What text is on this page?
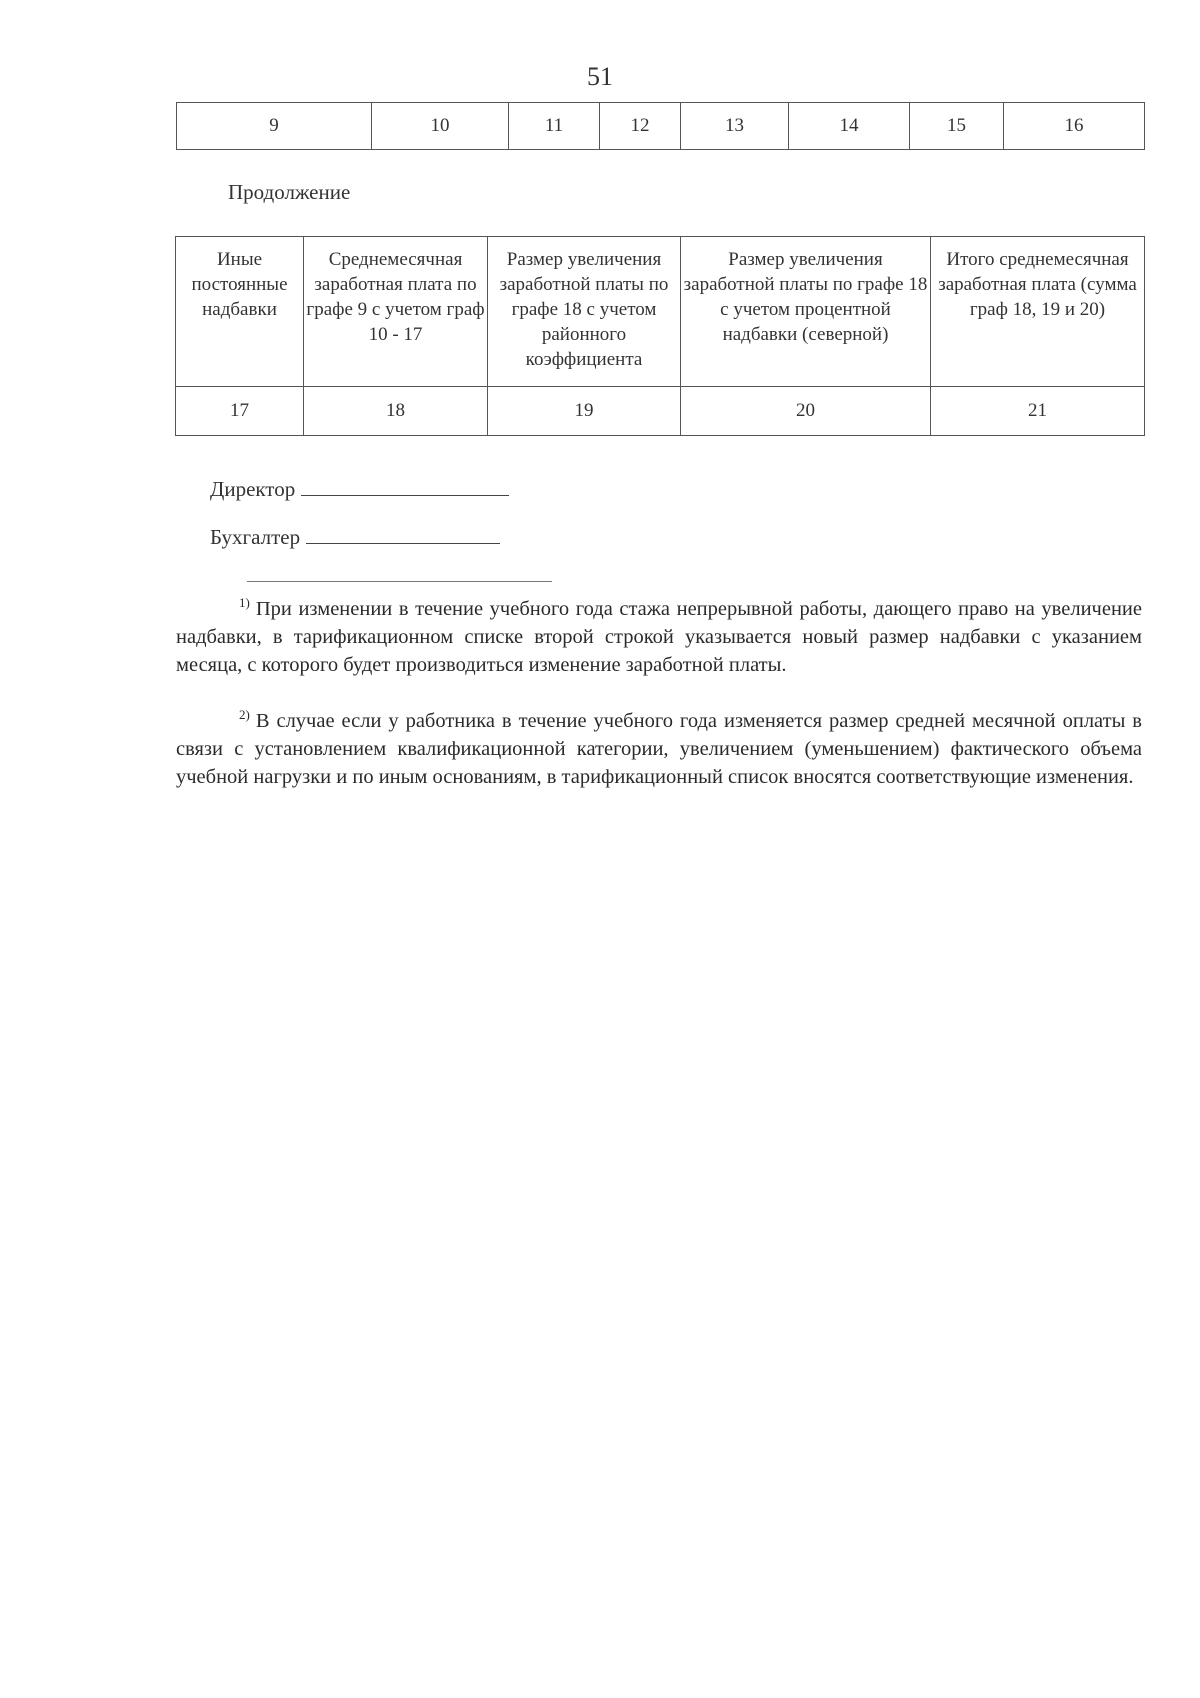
51
9	10	11	12	13	14	15	16
Продолжение
Иные постоянные надбавки	Среднемесячная заработная плата по графе 9 с учетом граф 10 - 17	Размер увеличения заработной платы по графе 18 с учетом районного коэффициента	Размер увеличения заработной платы по графе 18 с учетом процентной надбавки (северной)	Итого среднемесячная заработная плата (сумма граф 18, 19 и 20)
17	18	19	20	21
Директор
Бухгалтер
$^{1)}$ При изменении в течение учебного года стажа непрерывной работы, дающего право на увеличение надбавки, в тарификационном списке второй строкой указывается новый размер надбавки с указанием месяца, с которого будет производиться изменение заработной платы.
$^{2)}$ В случае если у работника в течение учебного года изменяется размер средней месячной оплаты в связи с установлением квалификационной категории, увеличением (уменьшением) фактического объема учебной нагрузки и по иным основаниям, в тарификационный список вносятся соответствующие изменения.
